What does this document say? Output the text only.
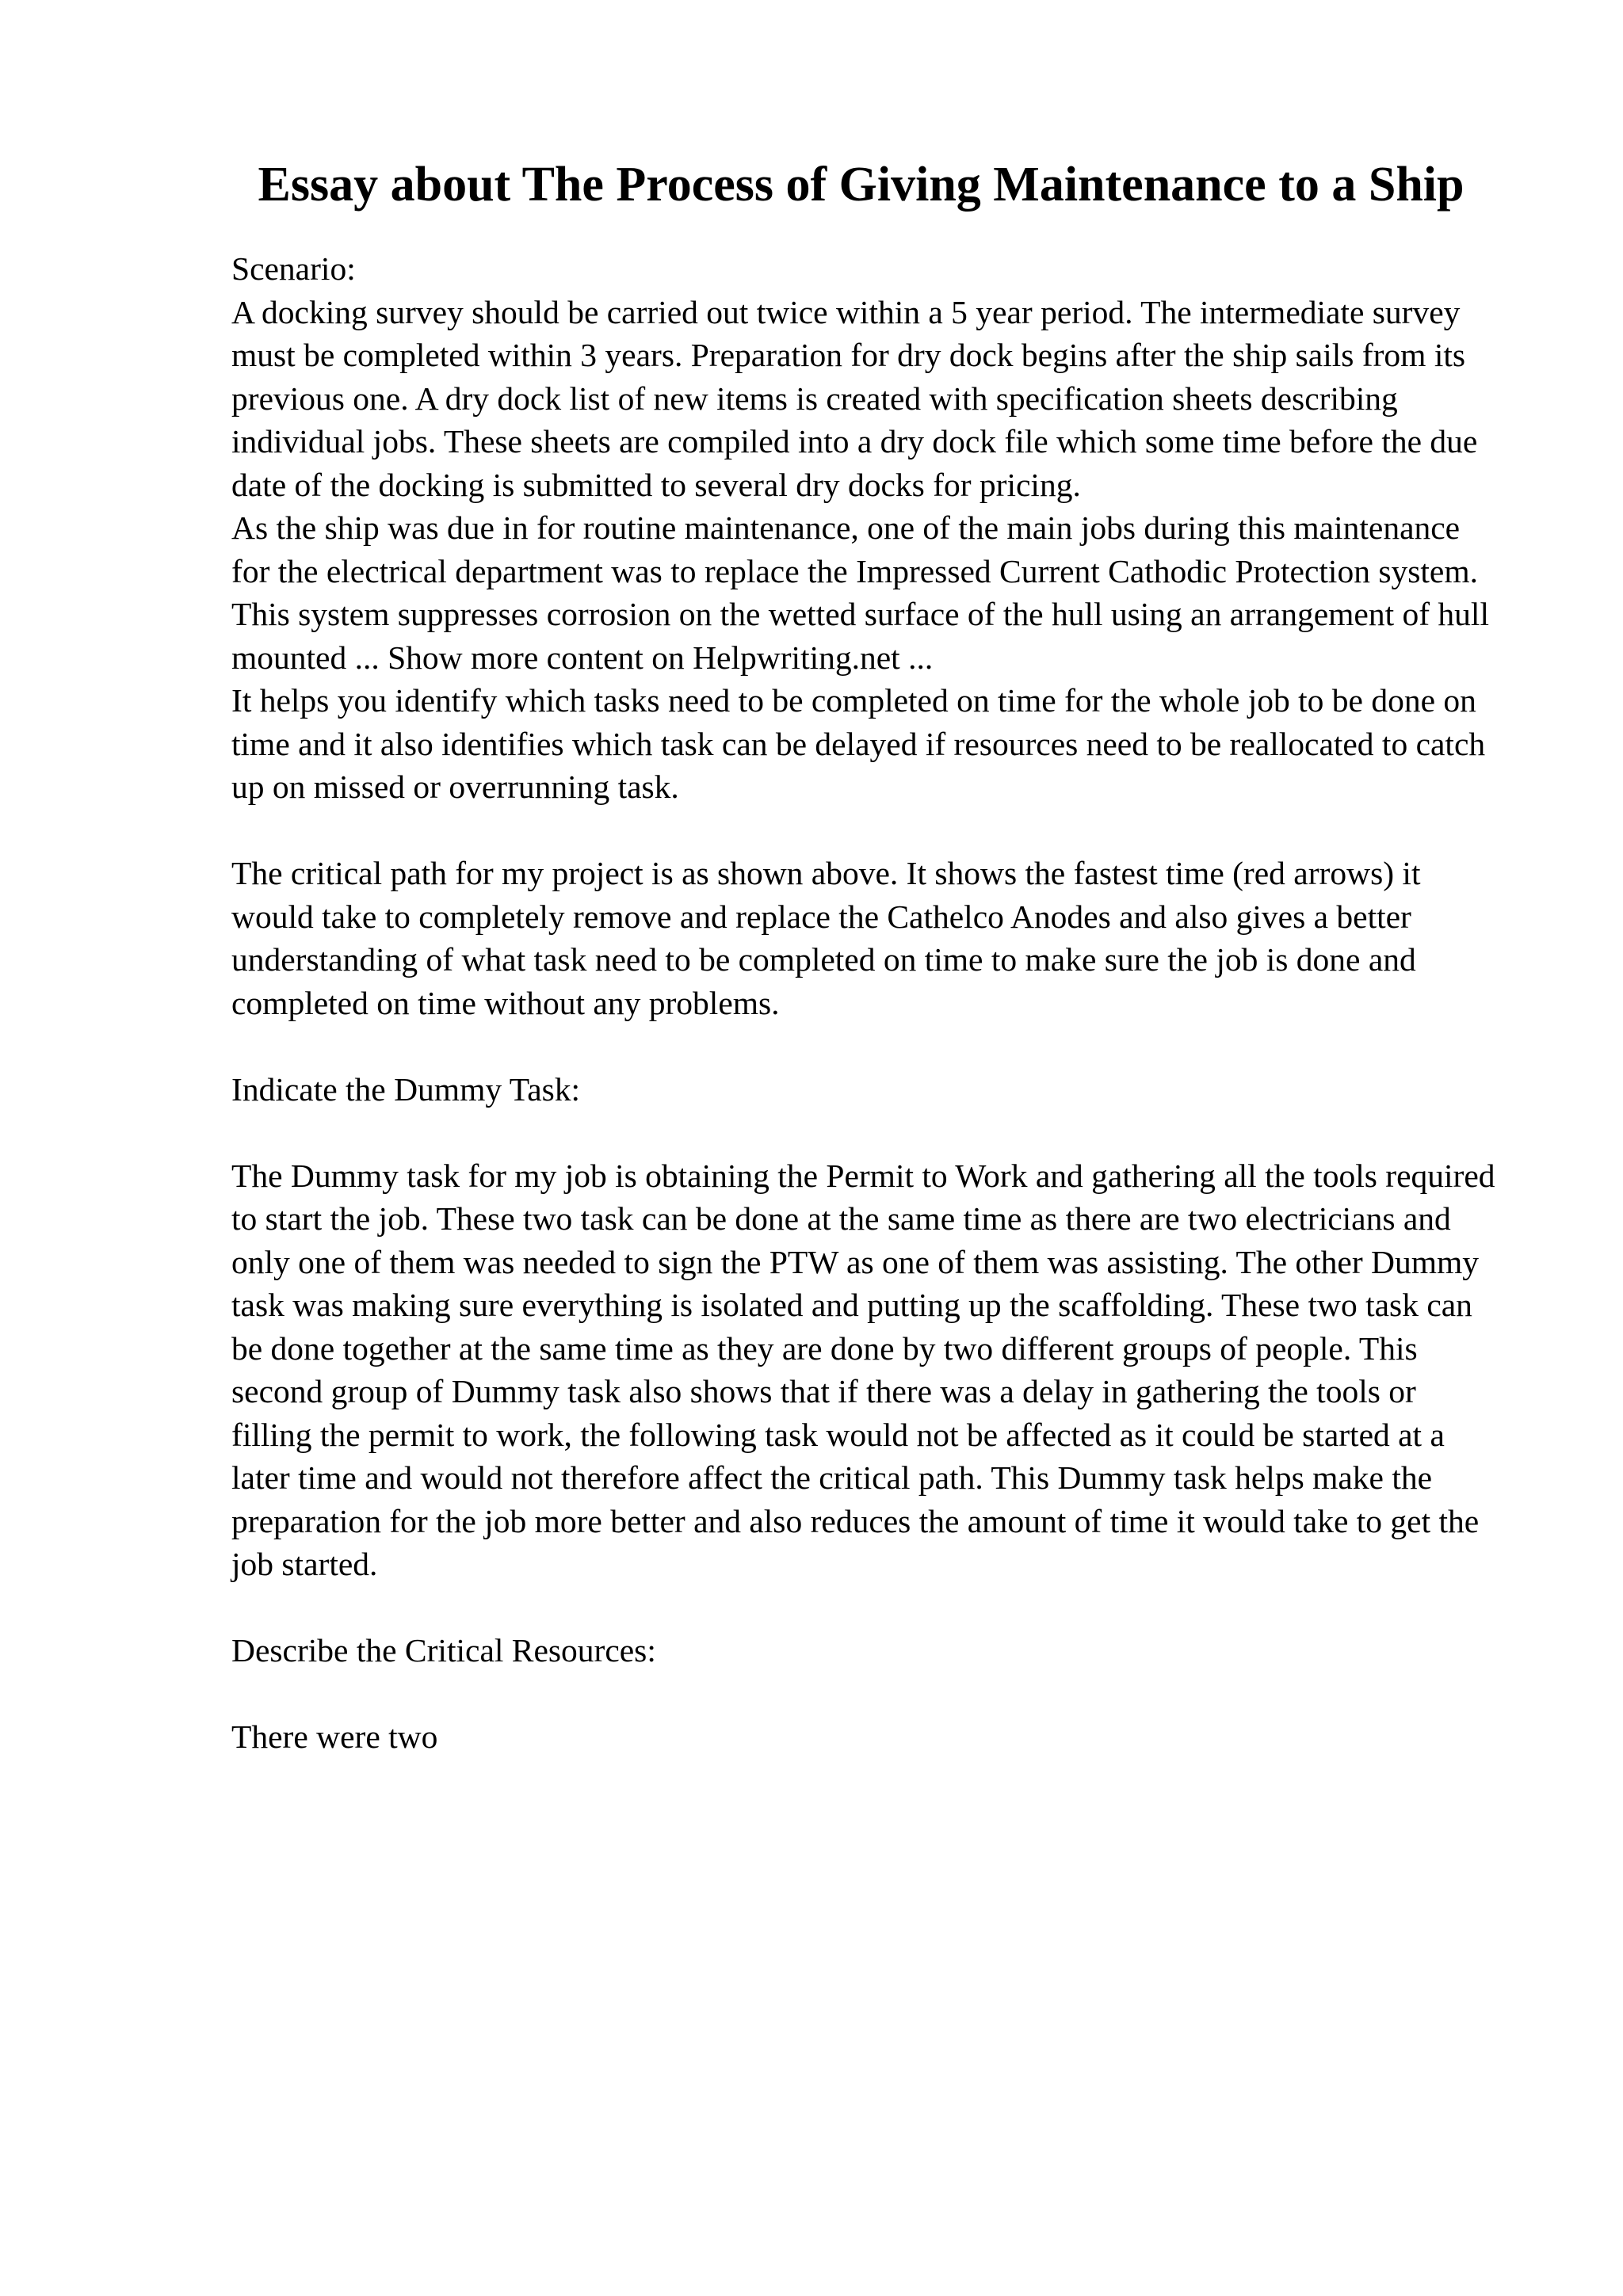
Essay about The Process of Giving Maintenance to a Ship

Scenario:

A docking survey should be carried out twice within a 5 year period. The intermediate survey must be completed within 3 years. Preparation for dry dock begins after the ship sails from its previous one. A dry dock list of new items is created with specification sheets describing individual jobs. These sheets are compiled into a dry dock file which some time before the due date of the docking is submitted to several dry docks for pricing.

As the ship was due in for routine maintenance, one of the main jobs during this maintenance for the electrical department was to replace the Impressed Current Cathodic Protection system. This system suppresses corrosion on the wetted surface of the hull using an arrangement of hull mounted ... Show more content on Helpwriting.net ...

It helps you identify which tasks need to be completed on time for the whole job to be done on time and it also identifies which task can be delayed if resources need to be reallocated to catch up on missed or overrunning task.

The critical path for my project is as shown above. It shows the fastest time (red arrows) it would take to completely remove and replace the Cathelco Anodes and also gives a better understanding of what task need to be completed on time to make sure the job is done and completed on time without any problems.

Indicate the Dummy Task:

The Dummy task for my job is obtaining the Permit to Work and gathering all the tools required to start the job. These two task can be done at the same time as there are two electricians and only one of them was needed to sign the PTW as one of them was assisting. The other Dummy task was making sure everything is isolated and putting up the scaffolding. These two task can be done together at the same time as they are done by two different groups of people. This second group of Dummy task also shows that if there was a delay in gathering the tools or filling the permit to work, the following task would not be affected as it could be started at a later time and would not therefore affect the critical path. This Dummy task helps make the preparation for the job more better and also reduces the amount of time it would take to get the job started.

Describe the Critical Resources:

There were two
